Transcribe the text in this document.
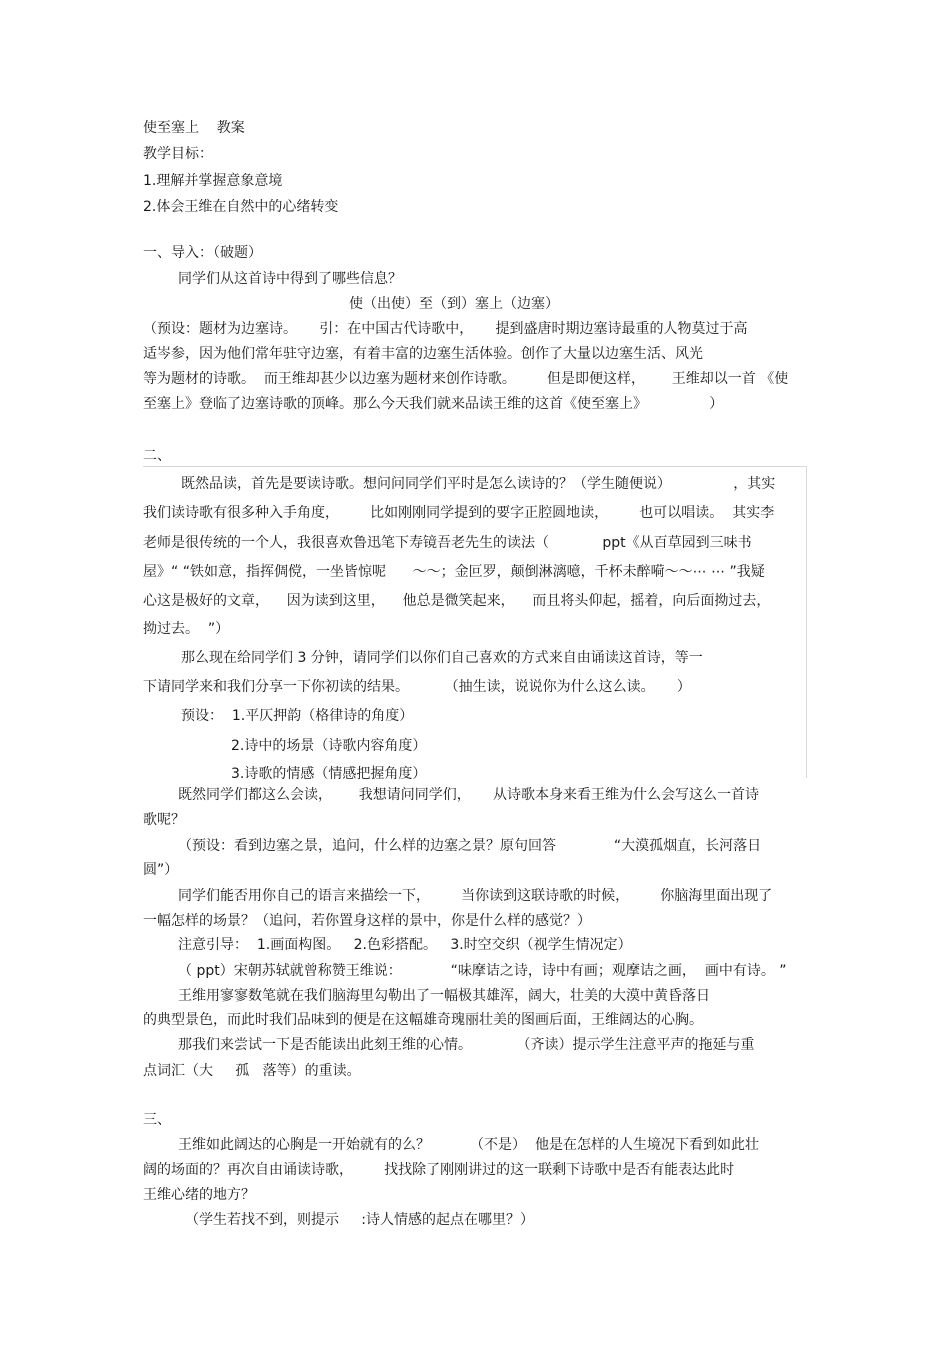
使至塞上    教案
教学目标：
1.理解并掌握意象意境
2.体会王维在自然中的心绪转变
一、导入：（破题）
同学们从这首诗中得到了哪些信息？
使（出使）至（到）塞上（边塞）
（预设：题材为边塞诗。     引：在中国古代诗歌中，     提到盛唐时期边塞诗最重的人物莫过于高
适岑参，因为他们常年驻守边塞，有着丰富的边塞生活体验。创作了大量以边塞生活、风光
等为题材的诗歌。  而王维却甚少以边塞为题材来创作诗歌。       但是即便这样，      王维却以一首 《使
至塞上》登临了边塞诗歌的顶峰。那么今天我们就来品读王维的这首《使至塞上》              ）
二、
既然品读，首先是要读诗歌。想问问同学们平时是怎么读诗的？（学生随便说）              ，其实
我们读诗歌有很多种入手角度，       比如刚刚同学提到的要字正腔圆地读，       也可以唱读。  其实李
老师是很传统的一个人，我很喜欢鲁迅笔下寿镜吾老先生的读法（            ppt《从百草园到三味书
屋》“ “铁如意，指挥倜傥，一坐皆惊呢      ～～；金叵罗，颠倒淋漓噫，千杯未醉嗬～～⋯ ⋯ ”我疑
心这是极好的文章，    因为读到这里，    他总是微笑起来，    而且将头仰起，摇着，向后面拗过去，
拗过去。  ”）
那么现在给同学们 3 分钟，请同学们以你们自己喜欢的方式来自由诵读这首诗，等一
下请同学来和我们分享一下你初读的结果。        （抽生读，说说你为什么这么读。     ）
预设：  1.平仄押韵（格律诗的角度）
2.诗中的场景（诗歌内容角度）
3.诗歌的情感（情感把握角度）
既然同学们都这么会读，      我想请问同学们，     从诗歌本身来看王维为什么会写这么一首诗
歌呢？
（预设：看到边塞之景，追问，什么样的边塞之景？原句回答             “大漠孤烟直，长河落日
圆”）
同学们能否用你自己的语言来描绘一下，       当你读到这联诗歌的时候，       你脑海里面出现了
一幅怎样的场景？（追问，若你置身这样的景中，你是什么样的感觉？）
注意引导：  1.画面构图。   2.色彩搭配。   3.时空交织（视学生情况定）
（ ppt）宋朝苏轼就曾称赞王维说：           “味摩诘之诗，诗中有画；观摩诘之画，  画中有诗。 ”
王维用寥寥数笔就在我们脑海里勾勒出了一幅极其雄浑，阔大，壮美的大漠中黄昏落日
的典型景色，而此时我们品味到的便是在这幅雄奇瑰丽壮美的图画后面，王维阔达的心胸。
那我们来尝试一下是否能读出此刻王维的心情。          （齐读）提示学生注意平声的拖延与重
点词汇（大     孤   落等）的重读。
三、
王维如此阔达的心胸是一开始就有的么？         （不是）  他是在怎样的人生境况下看到如此壮
阔的场面的？再次自由诵读诗歌，       找找除了刚刚讲过的这一联剩下诗歌中是否有能表达此时
王维心绪的地方？
（学生若找不到，则提示     :诗人情感的起点在哪里？）
